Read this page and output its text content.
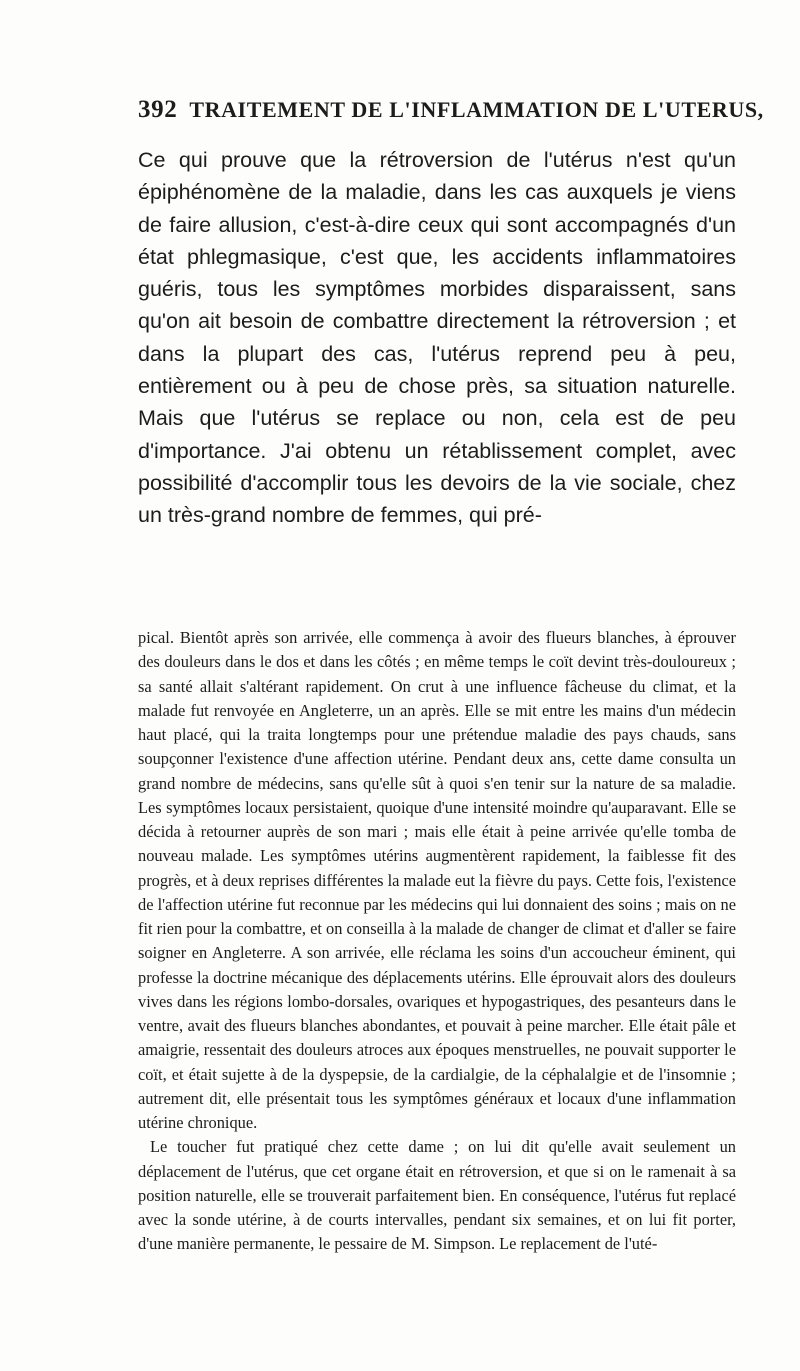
392 TRAITEMENT DE L'INFLAMMATION DE L'UTERUS,

Ce qui prouve que la rétroversion de l'utérus n'est qu'un épiphénomène de la maladie, dans les cas auxquels je viens de faire allusion, c'est-à-dire ceux qui sont accompagnés d'un état phlegmasique, c'est que, les accidents inflammatoires guéris, tous les symptômes morbides disparaissent, sans qu'on ait besoin de combattre directement la rétroversion ; et dans la plupart des cas, l'utérus reprend peu à peu, entièrement ou à peu de chose près, sa situation naturelle. Mais que l'utérus se replace ou non, cela est de peu d'importance. J'ai obtenu un rétablissement complet, avec possibilité d'accomplir tous les devoirs de la vie sociale, chez un très-grand nombre de femmes, qui pré-

pical. Bientôt après son arrivée, elle commença à avoir des flueurs blanches, à éprouver des douleurs dans le dos et dans les côtés ; en même temps le coït devint très-douloureux ; sa santé allait s'altérant rapidement. On crut à une influence fâcheuse du climat, et la malade fut renvoyée en Angleterre, un an après. Elle se mit entre les mains d'un médecin haut placé, qui la traita longtemps pour une prétendue maladie des pays chauds, sans soupçonner l'existence d'une affection utérine. Pendant deux ans, cette dame consulta un grand nombre de médecins, sans qu'elle sût à quoi s'en tenir sur la nature de sa maladie. Les symptômes locaux persistaient, quoique d'une intensité moindre qu'auparavant. Elle se décida à retourner auprès de son mari ; mais elle était à peine arrivée qu'elle tomba de nouveau malade. Les symptômes utérins augmentèrent rapidement, la faiblesse fit des progrès, et à deux reprises différentes la malade eut la fièvre du pays. Cette fois, l'existence de l'affection utérine fut reconnue par les médecins qui lui donnaient des soins ; mais on ne fit rien pour la combattre, et on conseilla à la malade de changer de climat et d'aller se faire soigner en Angleterre. A son arrivée, elle réclama les soins d'un accoucheur éminent, qui professe la doctrine mécanique des déplacements utérins. Elle éprouvait alors des douleurs vives dans les régions lombo-dorsales, ovariques et hypogastriques, des pesanteurs dans le ventre, avait des flueurs blanches abondantes, et pouvait à peine marcher. Elle était pâle et amaigrie, ressentait des douleurs atroces aux époques menstruelles, ne pouvait supporter le coït, et était sujette à de la dyspepsie, de la cardialgie, de la céphalalgie et de l'insomnie ; autrement dit, elle présentait tous les symptômes généraux et locaux d'une inflammation utérine chronique.

Le toucher fut pratiqué chez cette dame ; on lui dit qu'elle avait seulement un déplacement de l'utérus, que cet organe était en rétroversion, et que si on le ramenait à sa position naturelle, elle se trouverait parfaitement bien. En conséquence, l'utérus fut replacé avec la sonde utérine, à de courts intervalles, pendant six semaines, et on lui fit porter, d'une manière permanente, le pessaire de M. Simpson. Le replacement de l'uté-
